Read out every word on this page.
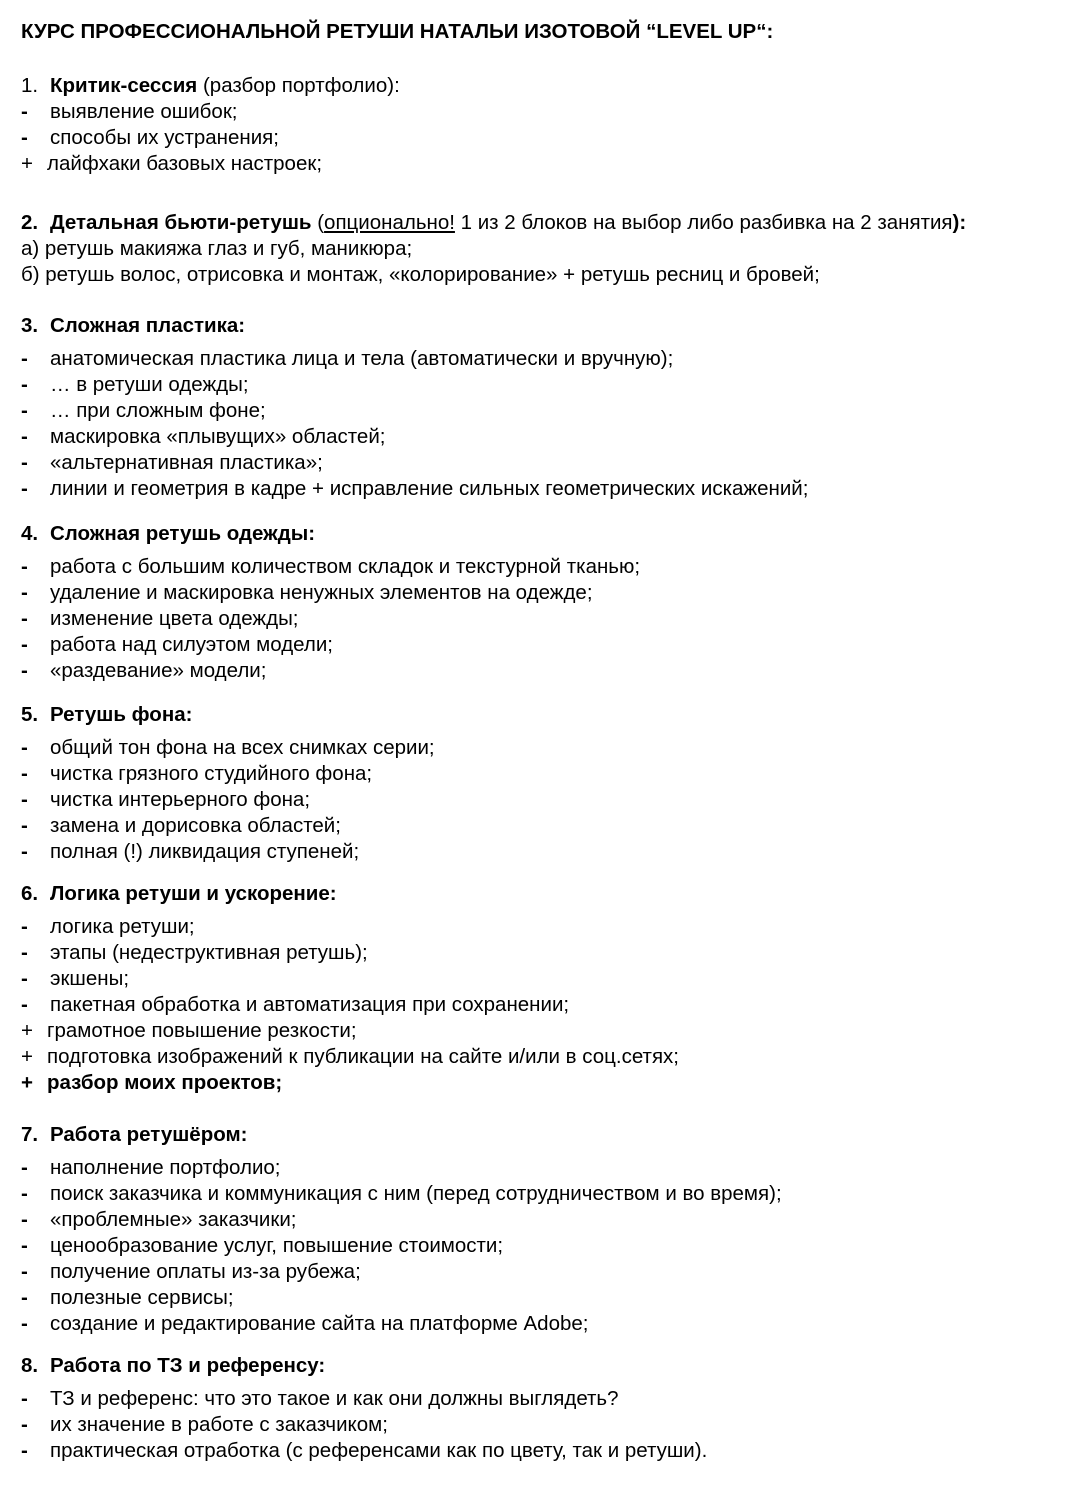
КУРС ПРОФЕССИОНАЛЬНОЙ РЕТУШИ НАТАЛЬИ ИЗОТОВОЙ “LEVEL UP“:
1. Критик-сессия (разбор портфолио):
- выявление ошибок;
- способы их устранения;
+ лайфхаки базовых настроек;
2. Детальная бьюти-ретушь (опционально! 1 из 2 блоков на выбор либо разбивка на 2 занятия):
а) ретушь макияжа глаз и губ, маникюра;
б) ретушь волос, отрисовка и монтаж, «колорирование» + ретушь ресниц и бровей;
3. Сложная пластика:
- анатомическая пластика лица и тела (автоматически и вручную);
- … в ретуши одежды;
- … при сложным фоне;
- маскировка «плывущих» областей;
- «альтернативная пластика»;
- линии и геометрия в кадре + исправление сильных геометрических искажений;
4. Сложная ретушь одежды:
- работа с большим количеством складок и текстурной тканью;
- удаление и маскировка ненужных элементов на одежде;
- изменение цвета одежды;
- работа над силуэтом модели;
- «раздевание» модели;
5. Ретушь фона:
- общий тон фона на всех снимках серии;
- чистка грязного студийного фона;
- чистка интерьерного фона;
- замена и дорисовка областей;
- полная (!) ликвидация ступеней;
6. Логика ретуши и ускорение:
- логика ретуши;
- этапы (недеструктивная ретушь);
- экшены;
- пакетная обработка и автоматизация при сохранении;
+ грамотное повышение резкости;
+ подготовка изображений к публикации на сайте и/или в соц.сетях;
+ разбор моих проектов;
7. Работа ретушёром:
- наполнение портфолио;
- поиск заказчика и коммуникация с ним (перед сотрудничеством и во время);
- «проблемные» заказчики;
- ценообразование услуг, повышение стоимости;
- получение оплаты из-за рубежа;
- полезные сервисы;
- создание и редактирование сайта на платформе Adobe;
8. Работа по ТЗ и референсу:
- ТЗ и референс: что это такое и как они должны выглядеть?
- их значение в работе с заказчиком;
- практическая отработка (с референсами как по цвету, так и ретуши).
